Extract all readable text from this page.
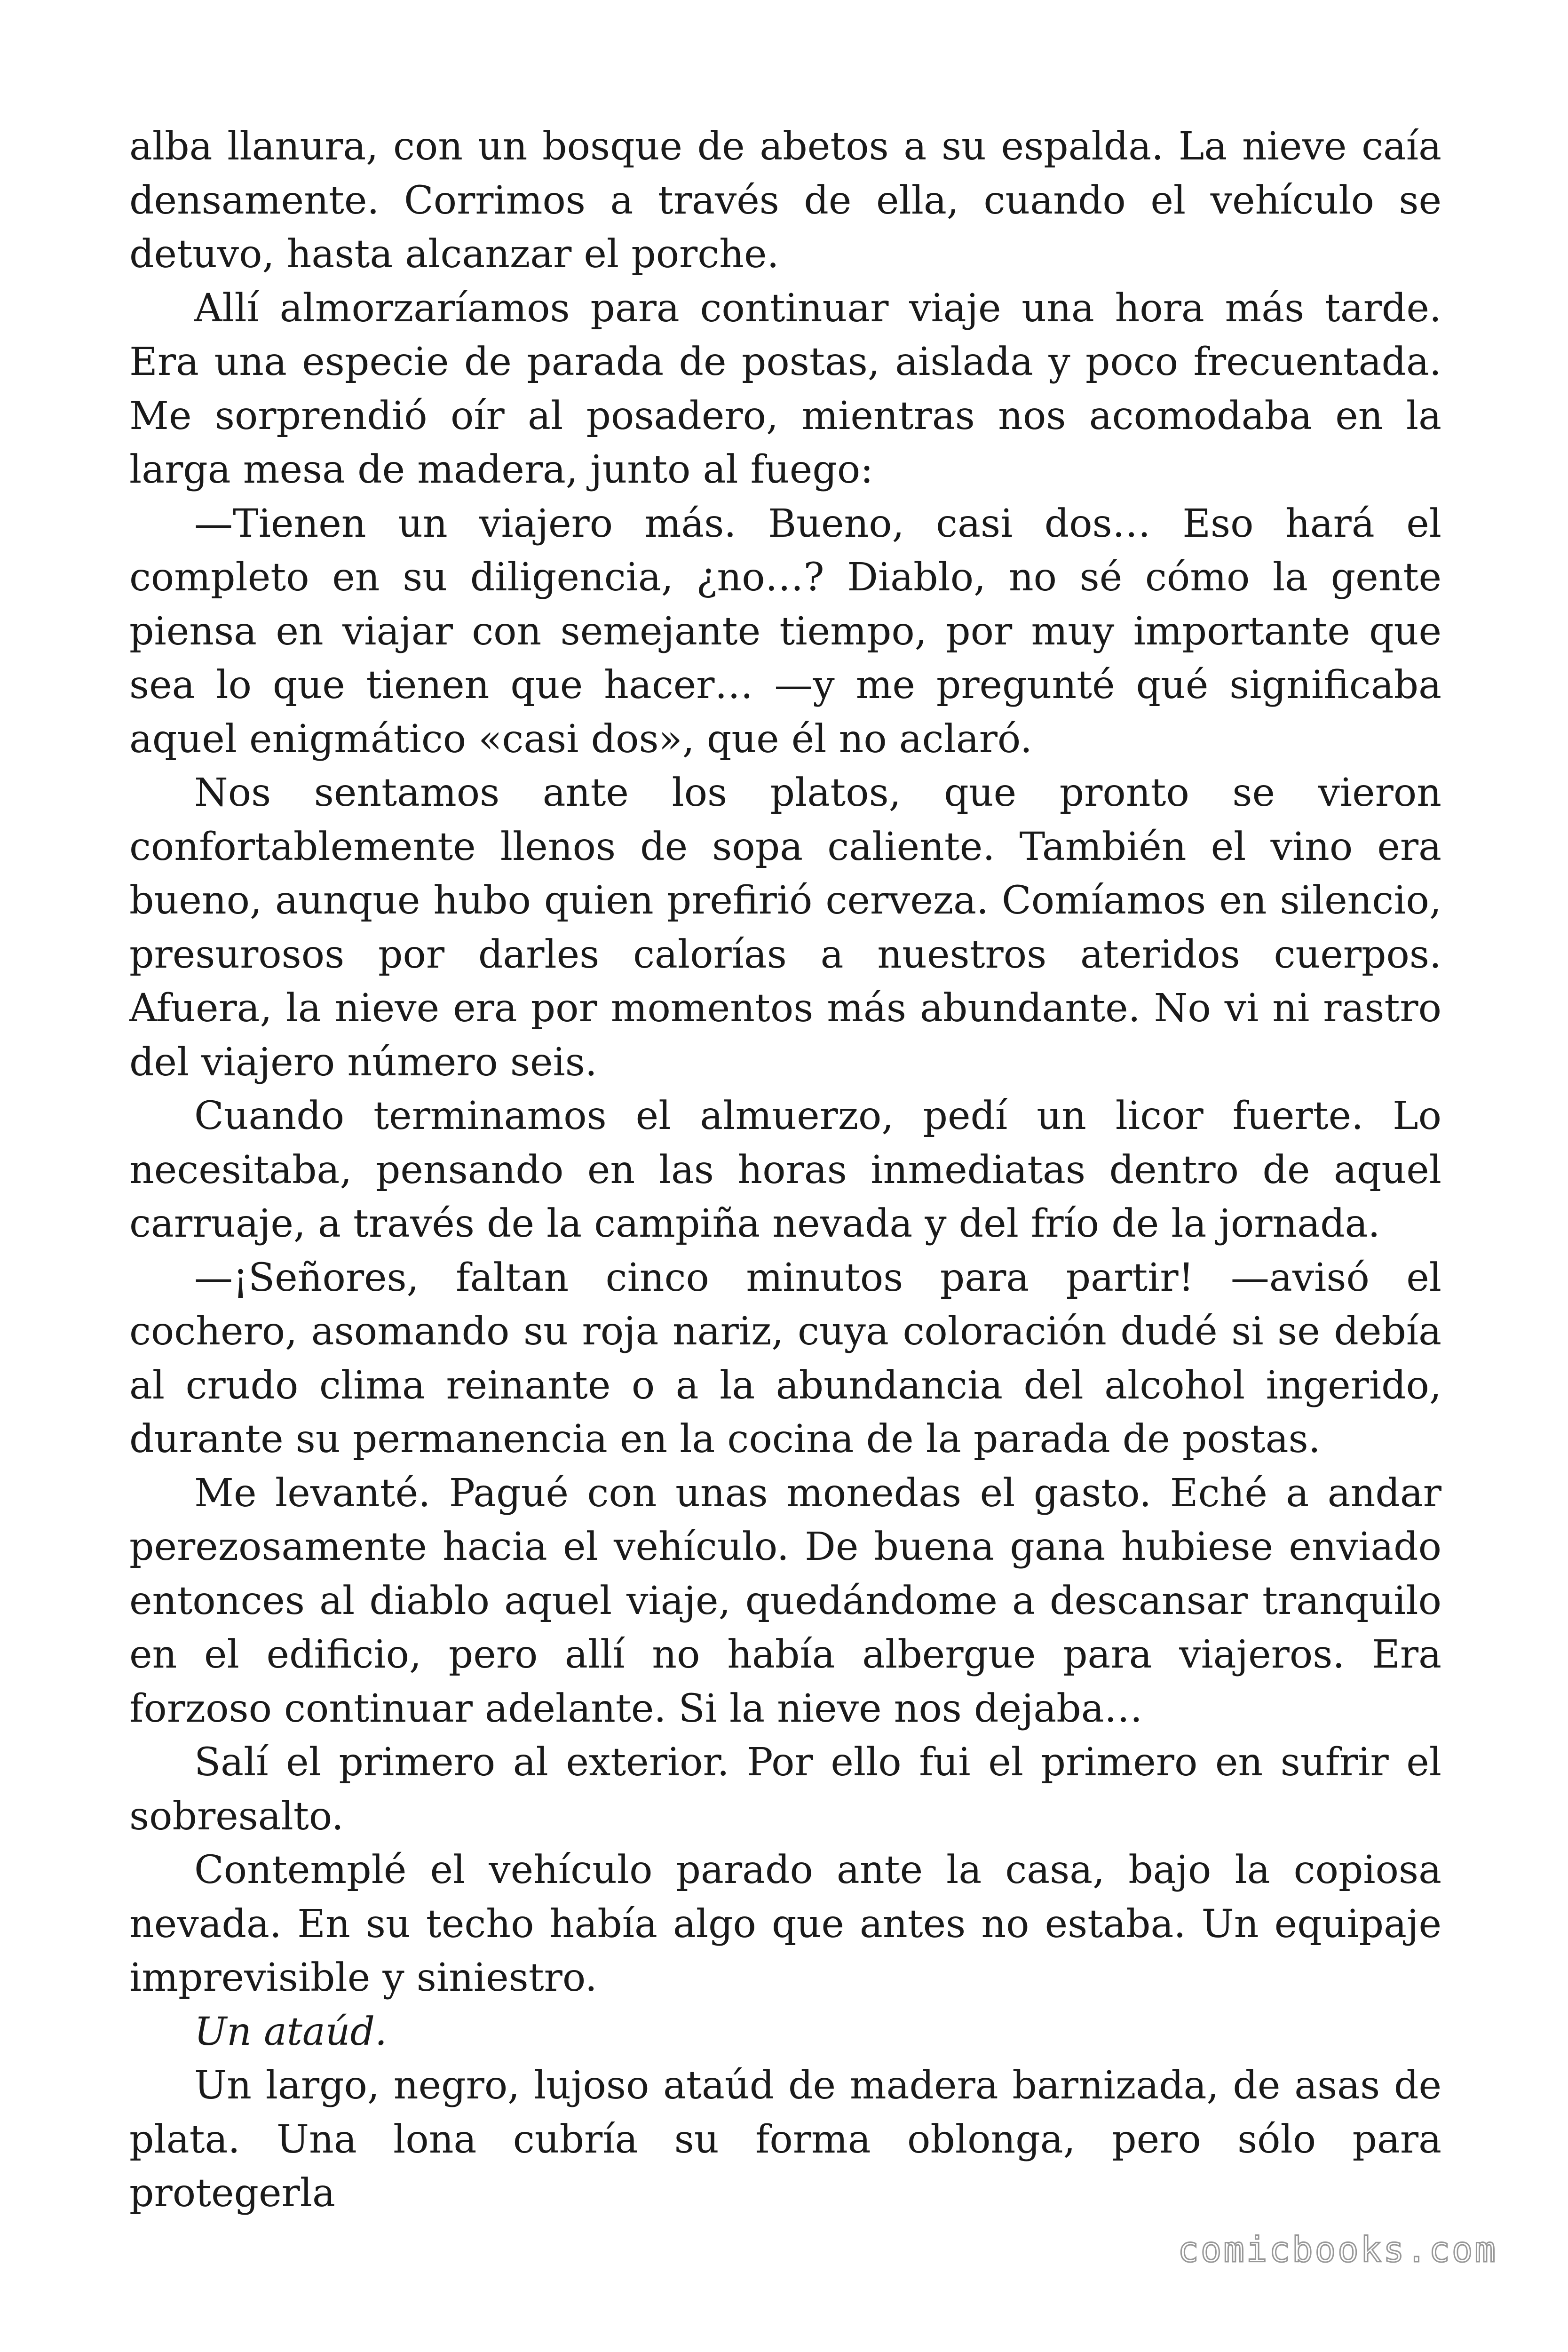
alba llanura, con un bosque de abetos a su espalda. La nieve caía densamente. Corrimos a través de ella, cuando el vehículo se detuvo, hasta alcanzar el porche.

Allí almorzaríamos para continuar viaje una hora más tarde. Era una especie de parada de postas, aislada y poco frecuentada. Me sorprendió oír al posadero, mientras nos acomodaba en la larga mesa de madera, junto al fuego:

—Tienen un viajero más. Bueno, casi dos… Eso hará el completo en su diligencia, ¿no…? Diablo, no sé cómo la gente piensa en viajar con semejante tiempo, por muy importante que sea lo que tienen que hacer… —y me pregunté qué significaba aquel enigmático «casi dos», que él no aclaró.

Nos sentamos ante los platos, que pronto se vieron confortablemente llenos de sopa caliente. También el vino era bueno, aunque hubo quien prefirió cerveza. Comíamos en silencio, presurosos por darles calorías a nuestros ateridos cuerpos. Afuera, la nieve era por momentos más abundante. No vi ni rastro del viajero número seis.

Cuando terminamos el almuerzo, pedí un licor fuerte. Lo necesitaba, pensando en las horas inmediatas dentro de aquel carruaje, a través de la campiña nevada y del frío de la jornada.

—¡Señores, faltan cinco minutos para partir! —avisó el cochero, asomando su roja nariz, cuya coloración dudé si se debía al crudo clima reinante o a la abundancia del alcohol ingerido, durante su permanencia en la cocina de la parada de postas.

Me levanté. Pagué con unas monedas el gasto. Eché a andar perezosamente hacia el vehículo. De buena gana hubiese enviado entonces al diablo aquel viaje, quedándome a descansar tranquilo en el edificio, pero allí no había albergue para viajeros. Era forzoso continuar adelante. Si la nieve nos dejaba…

Salí el primero al exterior. Por ello fui el primero en sufrir el sobresalto.

Contemplé el vehículo parado ante la casa, bajo la copiosa nevada. En su techo había algo que antes no estaba. Un equipaje imprevisible y siniestro.

Un ataúd.

Un largo, negro, lujoso ataúd de madera barnizada, de asas de plata. Una lona cubría su forma oblonga, pero sólo para protegerla

comicbooks.com
